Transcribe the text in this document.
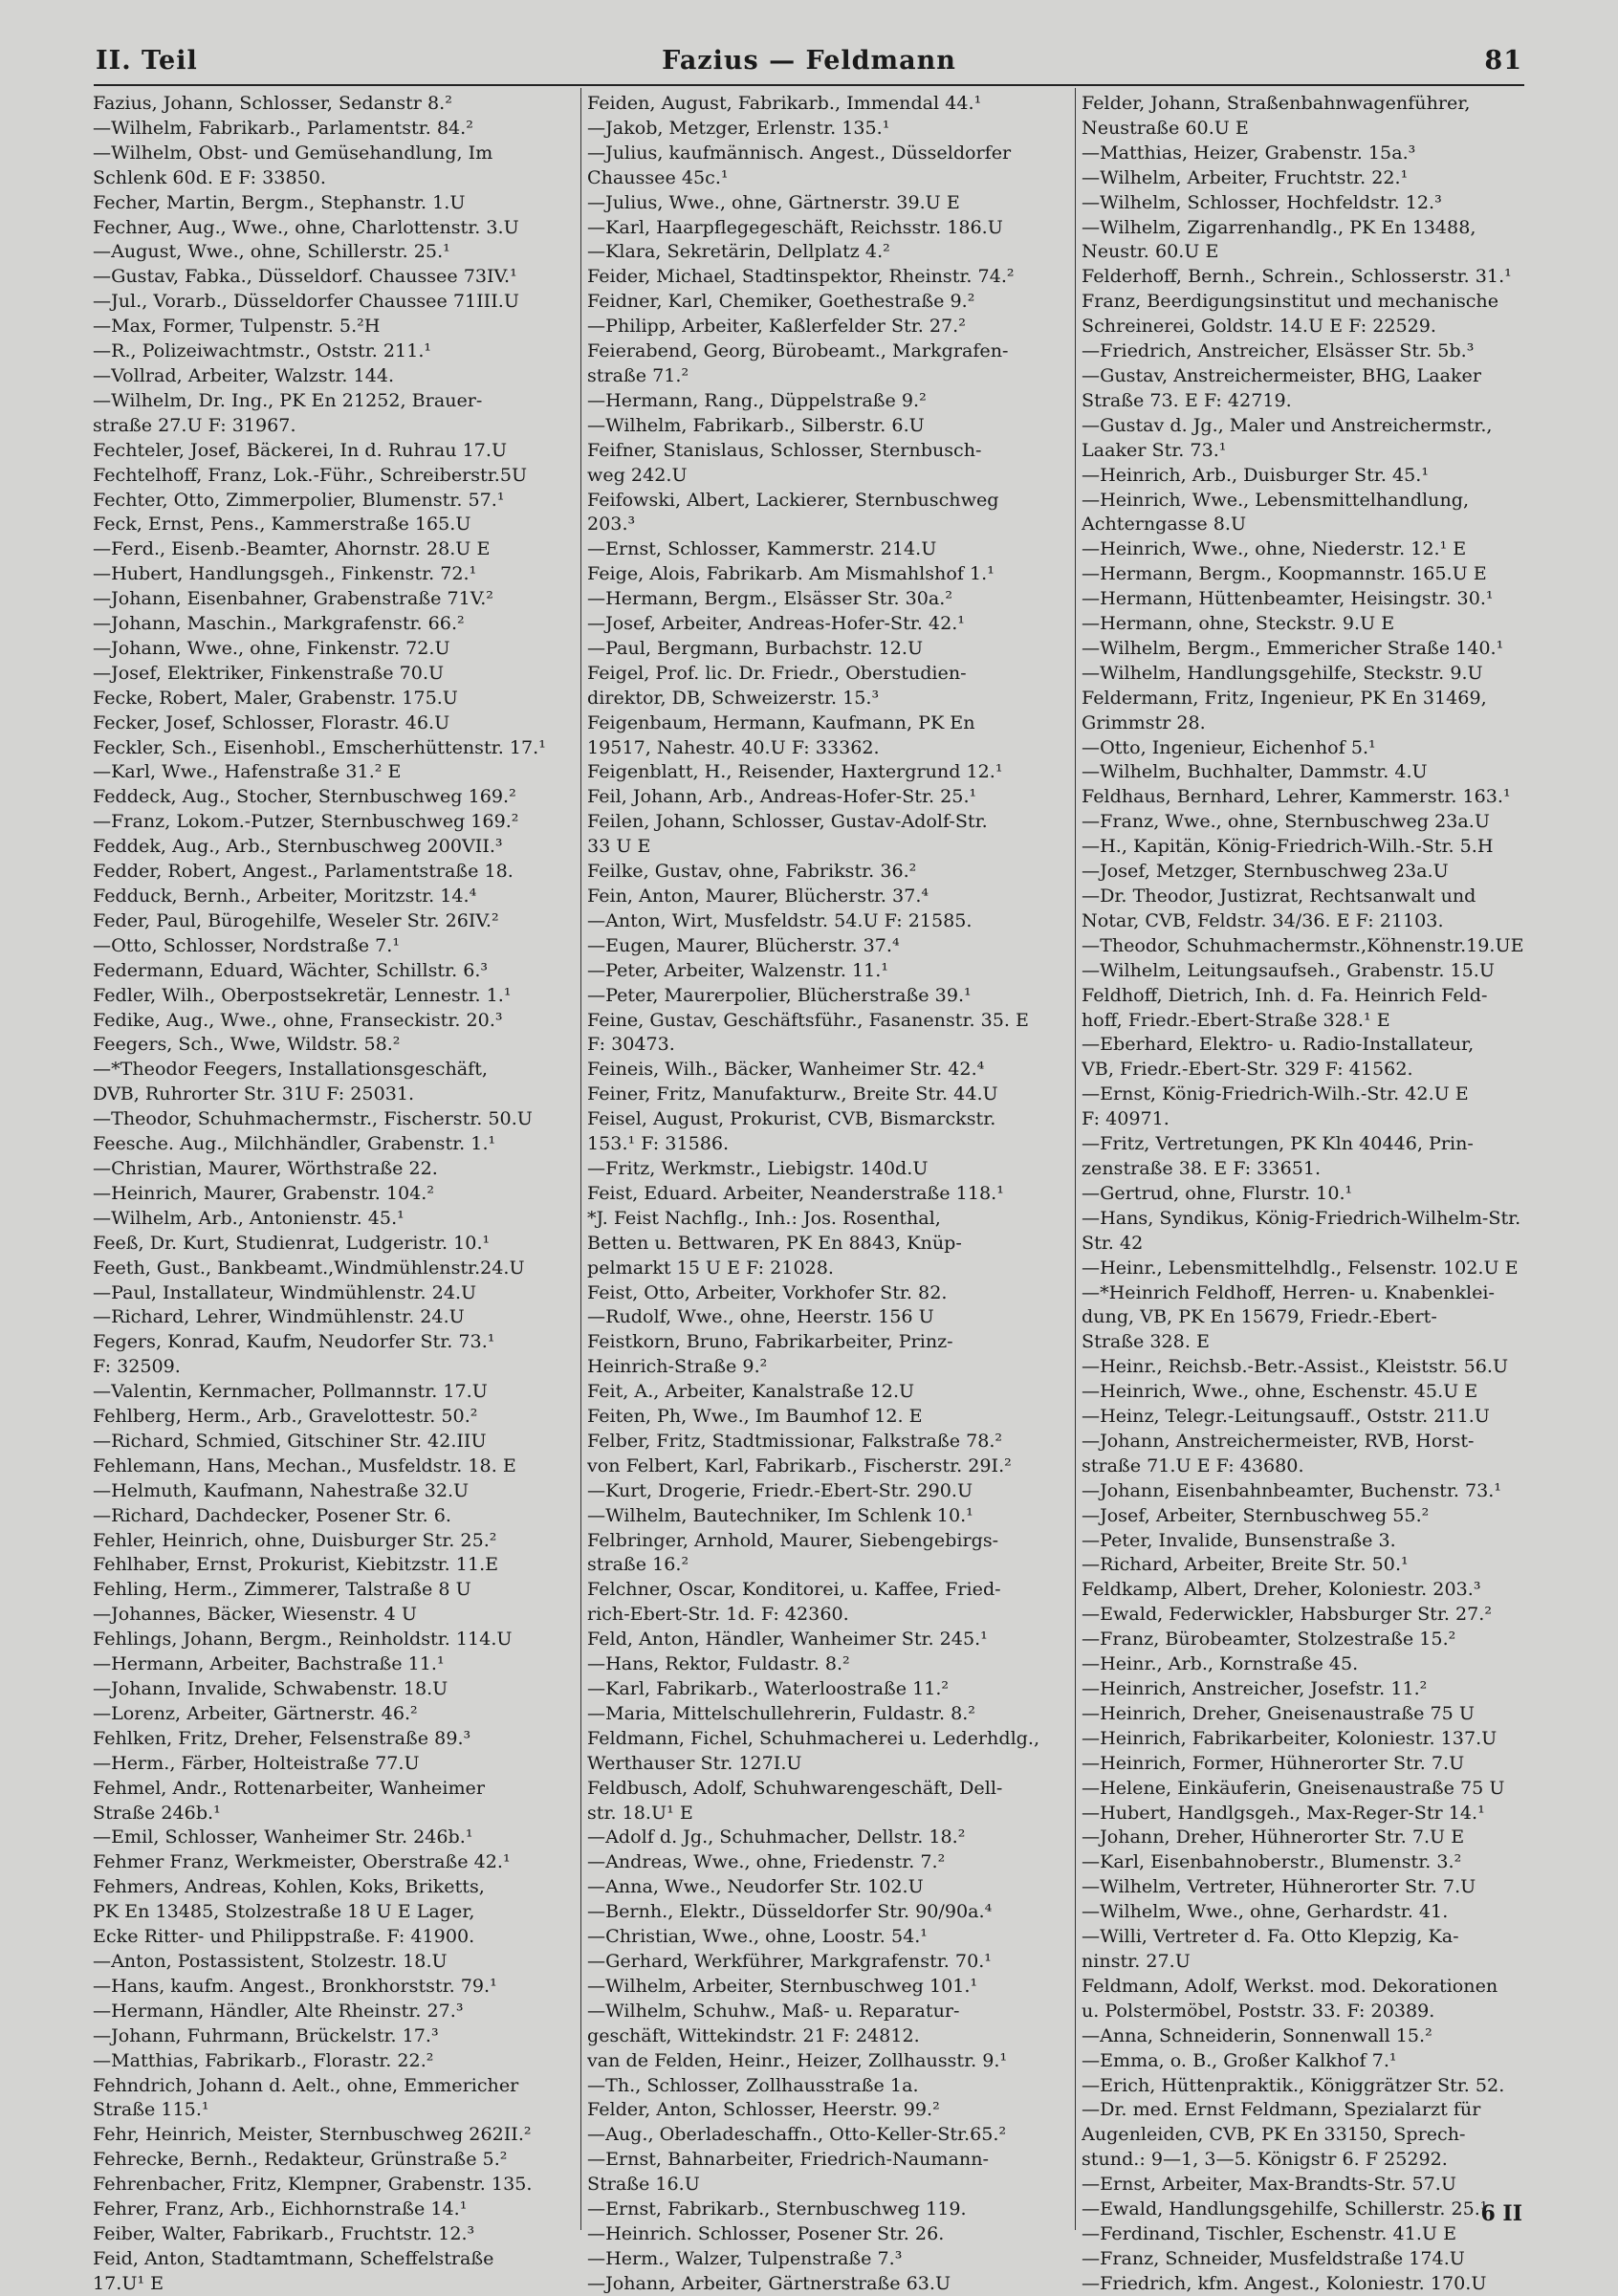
II. Teil	Fazius — Feldmann	81
Fazius, Johann, Schlosser, Sedanstr 8.²
—Wilhelm, Fabrikarb., Parlamentstr. 84.²
—Wilhelm, Obst- und Gemüsehandlung, Im
Schlenk 60d. E F: 33850.
Fecher, Martin, Bergm., Stephanstr. 1.U
Fechner, Aug., Wwe., ohne, Charlottenstr. 3.U
—August, Wwe., ohne, Schillerstr. 25.¹
—Gustav, Fabka., Düsseldorf. Chaussee 73IV.¹
—Jul., Vorarb., Düsseldorfer Chaussee 71III.U
—Max, Former, Tulpenstr. 5.²H
—R., Polizeiwachtmstr., Oststr. 211.¹
—Vollrad, Arbeiter, Walzstr. 144.
—Wilhelm, Dr. Ing., PK En 21252, Brauer-
straße 27.U F: 31967.
Fechteler, Josef, Bäckerei, In d. Ruhrau 17.U
Fechtelhoff, Franz, Lok.-Führ., Schreiberstr.5U
Fechter, Otto, Zimmerpolier, Blumenstr. 57.¹
Feck, Ernst, Pens., Kammerstraße 165.U
—Ferd., Eisenb.-Beamter, Ahornstr. 28.U E
—Hubert, Handlungsgeh., Finkenstr. 72.¹
—Johann, Eisenbahner, Grabenstraße 71V.²
—Johann, Maschin., Markgrafenstr. 66.²
—Johann, Wwe., ohne, Finkenstr. 72.U
—Josef, Elektriker, Finkenstraße 70.U
Fecke, Robert, Maler, Grabenstr. 175.U
Fecker, Josef, Schlosser, Florastr. 46.U
Feckler, Sch., Eisenhobl., Emscherhüttenstr. 17.¹
—Karl, Wwe., Hafenstraße 31.² E
Feddeck, Aug., Stocher, Sternbuschweg 169.²
—Franz, Lokom.-Putzer, Sternbuschweg 169.²
Feddek, Aug., Arb., Sternbuschweg 200VII.³
Fedder, Robert, Angest., Parlamentstraße 18.
Fedduck, Bernh., Arbeiter, Moritzstr. 14.⁴
Feder, Paul, Bürogehilfe, Weseler Str. 26IV.²
—Otto, Schlosser, Nordstraße 7.¹
Federmann, Eduard, Wächter, Schillstr. 6.³
Fedler, Wilh., Oberpostsekretär, Lennestr. 1.¹
Fedike, Aug., Wwe., ohne, Franseckistr. 20.³
Feegers, Sch., Wwe, Wildstr. 58.²
—*Theodor Feegers, Installationsgeschäft,
DVB, Ruhrorter Str. 31U F: 25031.
—Theodor, Schuhmachermstr., Fischerstr. 50.U
Feesche. Aug., Milchhändler, Grabenstr. 1.¹
—Christian, Maurer, Wörthstraße 22.
—Heinrich, Maurer, Grabenstr. 104.²
—Wilhelm, Arb., Antonienstr. 45.¹
Feeß, Dr. Kurt, Studienrat, Ludgeristr. 10.¹
Feeth, Gust., Bankbeamt.,Windmühlenstr.24.U
—Paul, Installateur, Windmühlenstr. 24.U
—Richard, Lehrer, Windmühlenstr. 24.U
Fegers, Konrad, Kaufm, Neudorfer Str. 73.¹
F: 32509.
—Valentin, Kernmacher, Pollmannstr. 17.U
Fehlberg, Herm., Arb., Gravelottestr. 50.²
—Richard, Schmied, Gitschiner Str. 42.IIU
Fehlemann, Hans, Mechan., Musfeldstr. 18. E
—Helmuth, Kaufmann, Nahestraße 32.U
—Richard, Dachdecker, Posener Str. 6.
Fehler, Heinrich, ohne, Duisburger Str. 25.²
Fehlhaber, Ernst, Prokurist, Kiebitzstr. 11.E
Fehling, Herm., Zimmerer, Talstraße 8 U
—Johannes, Bäcker, Wiesenstr. 4 U
Fehlings, Johann, Bergm., Reinholdstr. 114.U
—Hermann, Arbeiter, Bachstraße 11.¹
—Johann, Invalide, Schwabenstr. 18.U
—Lorenz, Arbeiter, Gärtnerstr. 46.²
Fehlken, Fritz, Dreher, Felsenstraße 89.³
—Herm., Färber, Holteistraße 77.U
Fehmel, Andr., Rottenarbeiter, Wanheimer
Straße 246b.¹
—Emil, Schlosser, Wanheimer Str. 246b.¹
Fehmer Franz, Werkmeister, Oberstraße 42.¹
Fehmers, Andreas, Kohlen, Koks, Briketts,
PK En 13485, Stolzestraße 18 U E Lager,
Ecke Ritter- und Philippstraße. F: 41900.
—Anton, Postassistent, Stolzestr. 18.U
—Hans, kaufm. Angest., Bronkhorststr. 79.¹
—Hermann, Händler, Alte Rheinstr. 27.³
—Johann, Fuhrmann, Brückelstr. 17.³
—Matthias, Fabrikarb., Florastr. 22.²
Fehndrich, Johann d. Aelt., ohne, Emmericher
Straße 115.¹
Fehr, Heinrich, Meister, Sternbuschweg 262II.²
Fehrecke, Bernh., Redakteur, Grünstraße 5.²
Fehrenbacher, Fritz, Klempner, Grabenstr. 135.
Fehrer, Franz, Arb., Eichhornstraße 14.¹
Feiber, Walter, Fabrikarb., Fruchtstr. 12.³
Feid, Anton, Stadtamtmann, Scheffelstraße
17.U¹ E
Feiden, August, Fabrikarb., Immendal 44.¹
—Jakob, Metzger, Erlenstr. 135.¹
—Julius, kaufmännisch. Angest., Düsseldorfer
Chaussee 45c.¹
—Julius, Wwe., ohne, Gärtnerstr. 39.U E
—Karl, Haarpflegegeschäft, Reichsstr. 186.U
—Klara, Sekretärin, Dellplatz 4.²
Feider, Michael, Stadtinspektor, Rheinstr. 74.²
Feidner, Karl, Chemiker, Goethestraße 9.²
—Philipp, Arbeiter, Kaßlerfelder Str. 27.²
Feierabend, Georg, Bürobeamt., Markgrafen-
straße 71.²
—Hermann, Rang., Düppelstraße 9.²
—Wilhelm, Fabrikarb., Silberstr. 6.U
Feifner, Stanislaus, Schlosser, Sternbusch-
weg 242.U
Feifowski, Albert, Lackierer, Sternbuschweg
203.³
—Ernst, Schlosser, Kammerstr. 214.U
Feige, Alois, Fabrikarb. Am Mismahlshof 1.¹
—Hermann, Bergm., Elsässer Str. 30a.²
—Josef, Arbeiter, Andreas-Hofer-Str. 42.¹
—Paul, Bergmann, Burbachstr. 12.U
Feigel, Prof. lic. Dr. Friedr., Oberstudien-
direktor, DB, Schweizerstr. 15.³
Feigenbaum, Hermann, Kaufmann, PK En
19517, Nahestr. 40.U F: 33362.
Feigenblatt, H., Reisender, Haxtergrund 12.¹
Feil, Johann, Arb., Andreas-Hofer-Str. 25.¹
Feilen, Johann, Schlosser, Gustav-Adolf-Str.
33 U E
Feilke, Gustav, ohne, Fabrikstr. 36.²
Fein, Anton, Maurer, Blücherstr. 37.⁴
—Anton, Wirt, Musfeldstr. 54.U F: 21585.
—Eugen, Maurer, Blücherstr. 37.⁴
—Peter, Arbeiter, Walzenstr. 11.¹
—Peter, Maurerpolier, Blücherstraße 39.¹
Feine, Gustav, Geschäftsführ., Fasanenstr. 35. E
F: 30473.
Feineis, Wilh., Bäcker, Wanheimer Str. 42.⁴
Feiner, Fritz, Manufakturw., Breite Str. 44.U
Feisel, August, Prokurist, CVB, Bismarckstr.
153.¹ F: 31586.
—Fritz, Werkmstr., Liebigstr. 140d.U
Feist, Eduard. Arbeiter, Neanderstraße 118.¹
*J. Feist Nachflg., Inh.: Jos. Rosenthal,
Betten u. Bettwaren, PK En 8843, Knüp-
pelmarkt 15 U E F: 21028.
Feist, Otto, Arbeiter, Vorkhofer Str. 82.
—Rudolf, Wwe., ohne, Heerstr. 156 U
Feistkorn, Bruno, Fabrikarbeiter, Prinz-
Heinrich-Straße 9.²
Feit, A., Arbeiter, Kanalstraße 12.U
Feiten, Ph, Wwe., Im Baumhof 12. E
Felber, Fritz, Stadtmissionar, Falkstraße 78.²
von Felbert, Karl, Fabrikarb., Fischerstr. 29I.²
—Kurt, Drogerie, Friedr.-Ebert-Str. 290.U
—Wilhelm, Bautechniker, Im Schlenk 10.¹
Felbringer, Arnhold, Maurer, Siebengebirgs-
straße 16.²
Felchner, Oscar, Konditorei, u. Kaffee, Fried-
rich-Ebert-Str. 1d. F: 42360.
Feld, Anton, Händler, Wanheimer Str. 245.¹
—Hans, Rektor, Fuldastr. 8.²
—Karl, Fabrikarb., Waterloostraße 11.²
—Maria, Mittelschullehrerin, Fuldastr. 8.²
Feldmann, Fichel, Schuhmacherei u. Lederhdlg.,
Werthauser Str. 127I.U
Feldbusch, Adolf, Schuhwarengeschäft, Dell-
str. 18.U¹ E
—Adolf d. Jg., Schuhmacher, Dellstr. 18.²
—Andreas, Wwe., ohne, Friedenstr. 7.²
—Anna, Wwe., Neudorfer Str. 102.U
—Bernh., Elektr., Düsseldorfer Str. 90/90a.⁴
—Christian, Wwe., ohne, Loostr. 54.¹
—Gerhard, Werkführer, Markgrafenstr. 70.¹
—Wilhelm, Arbeiter, Sternbuschweg 101.¹
—Wilhelm, Schuhw., Maß- u. Reparatur-
geschäft, Wittekindstr. 21 F: 24812.
van de Felden, Heinr., Heizer, Zollhausstr. 9.¹
—Th., Schlosser, Zollhausstraße 1a.
Felder, Anton, Schlosser, Heerstr. 99.²
—Aug., Oberladeschaffn., Otto-Keller-Str.65.²
—Ernst, Bahnarbeiter, Friedrich-Naumann-
Straße 16.U
—Ernst, Fabrikarb., Sternbuschweg 119.
—Heinrich. Schlosser, Posener Str. 26.
—Herm., Walzer, Tulpenstraße 7.³
—Johann, Arbeiter, Gärtnerstraße 63.U
Felder, Johann, Straßenbahnwagenführer,
Neustraße 60.U E
—Matthias, Heizer, Grabenstr. 15a.³
—Wilhelm, Arbeiter, Fruchtstr. 22.¹
—Wilhelm, Schlosser, Hochfeldstr. 12.³
—Wilhelm, Zigarrenhandlg., PK En 13488,
Neustr. 60.U E
Felderhoff, Bernh., Schrein., Schlosserstr. 31.¹
Franz, Beerdigungsinstitut und mechanische
Schreinerei, Goldstr. 14.U E F: 22529.
—Friedrich, Anstreicher, Elsässer Str. 5b.³
—Gustav, Anstreichermeister, BHG, Laaker
Straße 73. E F: 42719.
—Gustav d. Jg., Maler und Anstreichermstr.,
Laaker Str. 73.¹
—Heinrich, Arb., Duisburger Str. 45.¹
—Heinrich, Wwe., Lebensmittelhandlung,
Achterngasse 8.U
—Heinrich, Wwe., ohne, Niederstr. 12.¹ E
—Hermann, Bergm., Koopmannstr. 165.U E
—Hermann, Hüttenbeamter, Heisingstr. 30.¹
—Hermann, ohne, Steckstr. 9.U E
—Wilhelm, Bergm., Emmericher Straße 140.¹
—Wilhelm, Handlungsgehilfe, Steckstr. 9.U
Feldermann, Fritz, Ingenieur, PK En 31469,
Grimmstr 28.
—Otto, Ingenieur, Eichenhof 5.¹
—Wilhelm, Buchhalter, Dammstr. 4.U
Feldhaus, Bernhard, Lehrer, Kammerstr. 163.¹
—Franz, Wwe., ohne, Sternbuschweg 23a.U
—H., Kapitän, König-Friedrich-Wilh.-Str. 5.H
—Josef, Metzger, Sternbuschweg 23a.U
—Dr. Theodor, Justizrat, Rechtsanwalt und
Notar, CVB, Feldstr. 34/36. E F: 21103.
—Theodor, Schuhmachermstr.,Köhnenstr.19.UE
—Wilhelm, Leitungsaufseh., Grabenstr. 15.U
Feldhoff, Dietrich, Inh. d. Fa. Heinrich Feld-
hoff, Friedr.-Ebert-Straße 328.¹ E
—Eberhard, Elektro- u. Radio-Installateur,
VB, Friedr.-Ebert-Str. 329 F: 41562.
—Ernst, König-Friedrich-Wilh.-Str. 42.U E
F: 40971.
—Fritz, Vertretungen, PK Kln 40446, Prin-
zenstraße 38. E F: 33651.
—Gertrud, ohne, Flurstr. 10.¹
—Hans, Syndikus, König-Friedrich-Wilhelm-Str.
Str. 42
—Heinr., Lebensmittelhdlg., Felsenstr. 102.U E
—*Heinrich Feldhoff, Herren- u. Knabenklei-
dung, VB, PK En 15679, Friedr.-Ebert-
Straße 328. E
—Heinr., Reichsb.-Betr.-Assist., Kleiststr. 56.U
—Heinrich, Wwe., ohne, Eschenstr. 45.U E
—Heinz, Telegr.-Leitungsauff., Oststr. 211.U
—Johann, Anstreichermeister, RVB, Horst-
straße 71.U E F: 43680.
—Johann, Eisenbahnbeamter, Buchenstr. 73.¹
—Josef, Arbeiter, Sternbuschweg 55.²
—Peter, Invalide, Bunsenstraße 3.
—Richard, Arbeiter, Breite Str. 50.¹
Feldkamp, Albert, Dreher, Koloniestr. 203.³
—Ewald, Federwickler, Habsburger Str. 27.²
—Franz, Bürobeamter, Stolzestraße 15.²
—Heinr., Arb., Kornstraße 45.
—Heinrich, Anstreicher, Josefstr. 11.²
—Heinrich, Dreher, Gneisenaustraße 75 U
—Heinrich, Fabrikarbeiter, Koloniestr. 137.U
—Heinrich, Former, Hühnerorter Str. 7.U
—Helene, Einkäuferin, Gneisenaustraße 75 U
—Hubert, Handlgsgeh., Max-Reger-Str 14.¹
—Johann, Dreher, Hühnerorter Str. 7.U E
—Karl, Eisenbahnoberstr., Blumenstr. 3.²
—Wilhelm, Vertreter, Hühnerorter Str. 7.U
—Wilhelm, Wwe., ohne, Gerhardstr. 41.
—Willi, Vertreter d. Fa. Otto Klepzig, Ka-
ninstr. 27.U
Feldmann, Adolf, Werkst. mod. Dekorationen
u. Polstermöbel, Poststr. 33. F: 20389.
—Anna, Schneiderin, Sonnenwall 15.²
—Emma, o. B., Großer Kalkhof 7.¹
—Erich, Hüttenpraktik., Königgrätzer Str. 52.
—Dr. med. Ernst Feldmann, Spezialarzt für
Augenleiden, CVB, PK En 33150, Sprech-
stund.: 9—1, 3—5. Königstr 6. F 25292.
—Ernst, Arbeiter, Max-Brandts-Str. 57.U
—Ewald, Handlungsgehilfe, Schillerstr. 25.¹
—Ferdinand, Tischler, Eschenstr. 41.U E
—Franz, Schneider, Musfeldstraße 174.U
—Friedrich, kfm. Angest., Koloniestr. 170.U
6 II
